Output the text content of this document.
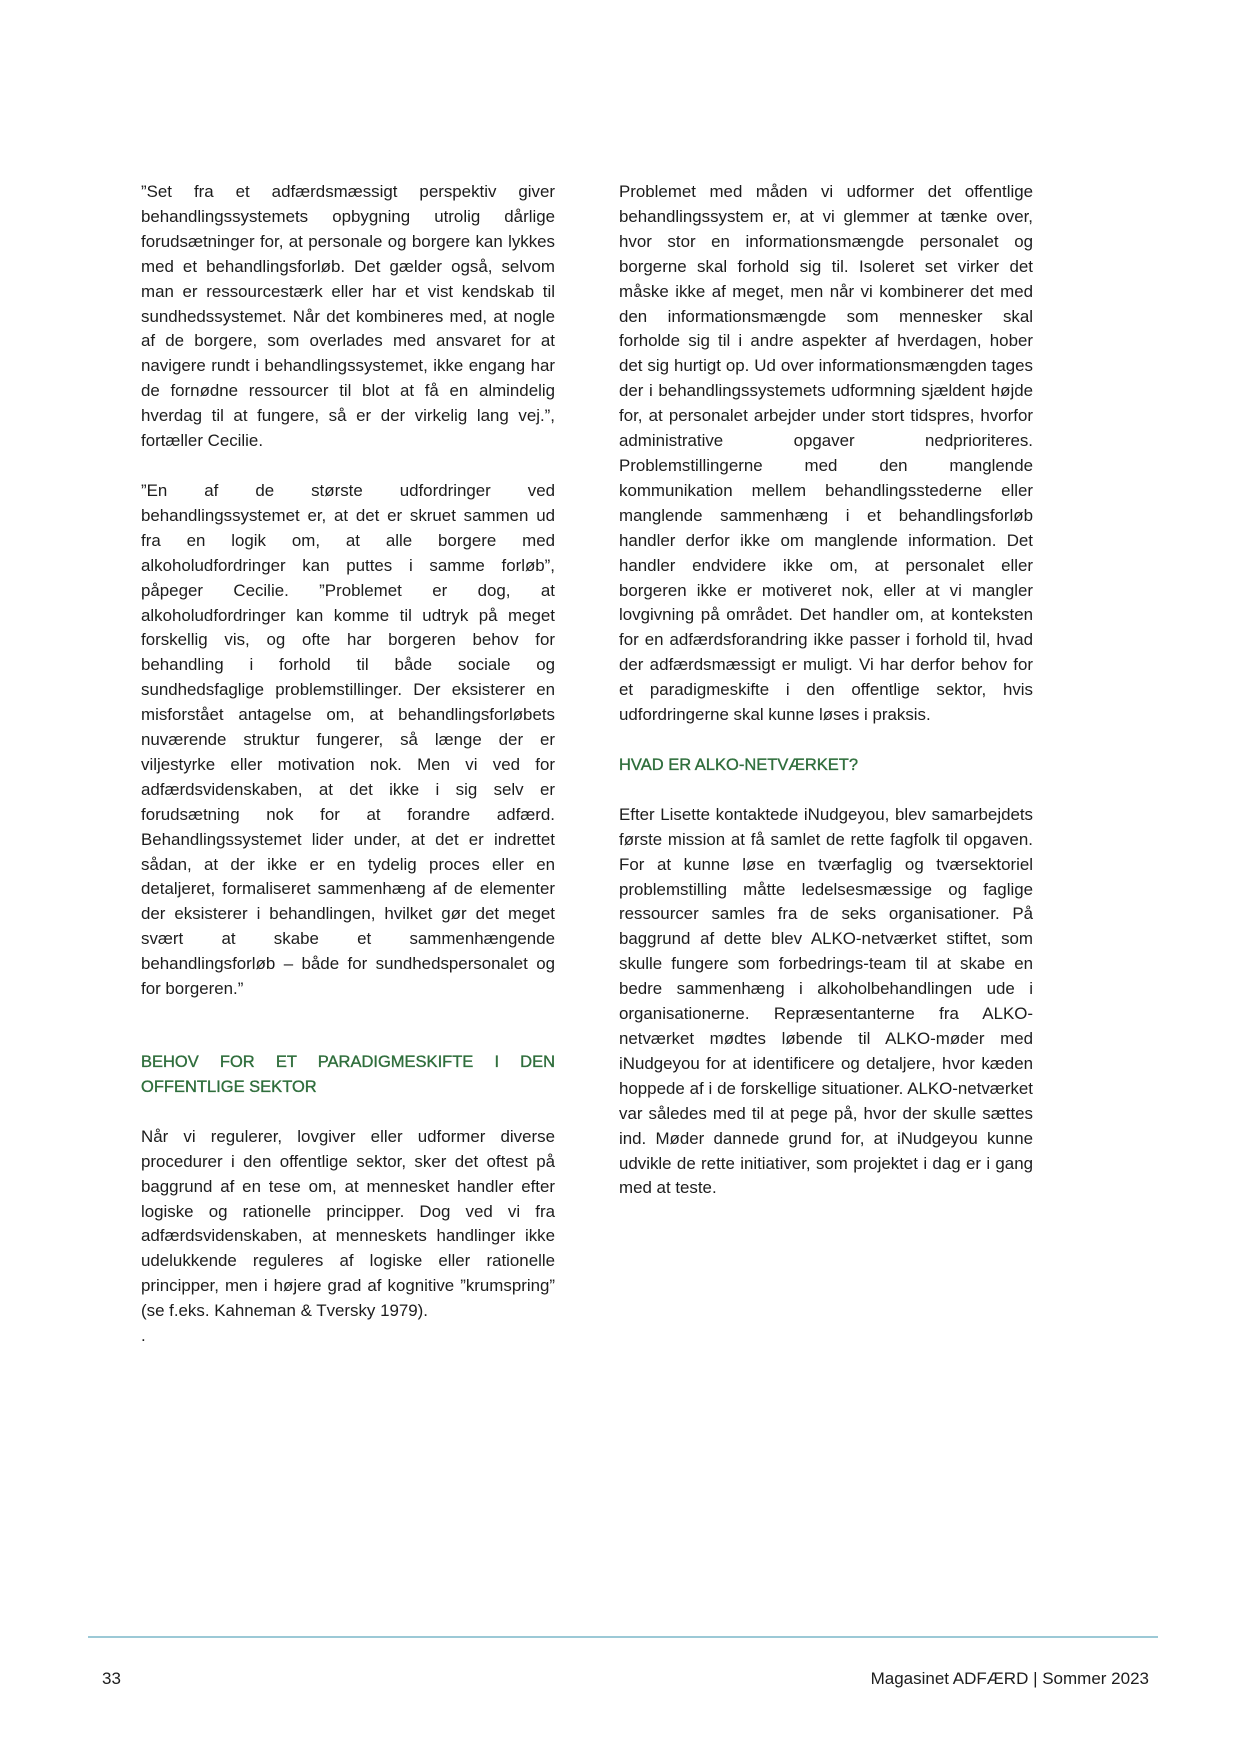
”Set fra et adfærdsmæssigt perspektiv giver behandlingssystemets opbygning utrolig dårlige forudsætninger for, at personale og borgere kan lykkes med et behandlingsforløb. Det gælder også, selvom man er ressourcestærk eller har et vist kendskab til sundhedssystemet. Når det kombineres med, at nogle af de borgere, som overlades med ansvaret for at navigere rundt i behandlingssystemet, ikke engang har de fornødne ressourcer til blot at få en almindelig hverdag til at fungere, så er der virkelig lang vej.”, fortæller Cecilie.

”En af de største udfordringer ved behandlingssystemet er, at det er skruet sammen ud fra en logik om, at alle borgere med alkoholudfordringer kan puttes i samme forløb”, påpeger Cecilie. ”Problemet er dog, at alkoholudfordringer kan komme til udtryk på meget forskellig vis, og ofte har borgeren behov for behandling i forhold til både sociale og sundhedsfaglige problemstillinger. Der eksisterer en misforstået antagelse om, at behandlingsforløbets nuværende struktur fungerer, så længe der er viljestyrke eller motivation nok. Men vi ved for adfærdsvidenskaben, at det ikke i sig selv er forudsætning nok for at forandre adfærd. Behandlingssystemet lider under, at det er indrettet sådan, at der ikke er en tydelig proces eller en detaljeret, formaliseret sammenhæng af de elementer der eksisterer i behandlingen, hvilket gør det meget svært at skabe et sammenhængende behandlingsforløb – både for sundhedspersonalet og for borgeren.”

BEHOV FOR ET PARADIGMESKIFTE I DEN OFFENTLIGE SEKTOR

Når vi regulerer, lovgiver eller udformer diverse procedurer i den offentlige sektor, sker det oftest på baggrund af en tese om, at mennesket handler efter logiske og rationelle principper. Dog ved vi fra adfærdsvidenskaben, at menneskets handlinger ikke udelukkende reguleres af logiske eller rationelle principper, men i højere grad af kognitive ”krumspring” (se f.eks. Kahneman & Tversky 1979).

.

Problemet med måden vi udformer det offentlige behandlingssystem er, at vi glemmer at tænke over, hvor stor en informationsmængde personalet og borgerne skal forhold sig til. Isoleret set virker det måske ikke af meget, men når vi kombinerer det med den informationsmængde som mennesker skal forholde sig til i andre aspekter af hverdagen, hober det sig hurtigt op. Ud over informationsmængden tages der i behandlingssystemets udformning sjældent højde for, at personalet arbejder under stort tidspres, hvorfor administrative opgaver nedprioriteres. Problemstillingerne med den manglende kommunikation mellem behandlingsstederne eller manglende sammenhæng i et behandlingsforløb handler derfor ikke om manglende information. Det handler endvidere ikke om, at personalet eller borgeren ikke er motiveret nok, eller at vi mangler lovgivning på området. Det handler om, at konteksten for en adfærdsforandring ikke passer i forhold til, hvad der adfærdsmæssigt er muligt. Vi har derfor behov for et paradigmeskifte i den offentlige sektor, hvis udfordringerne skal kunne løses i praksis.

HVAD ER ALKO-NETVÆRKET?

Efter Lisette kontaktede iNudgeyou, blev samarbejdets første mission at få samlet de rette fagfolk til opgaven. For at kunne løse en tværfaglig og tværsektoriel problemstilling måtte ledelsesmæssige og faglige ressourcer samles fra de seks organisationer. På baggrund af dette blev ALKO-netværket stiftet, som skulle fungere som forbedrings-team til at skabe en bedre sammenhæng i alkoholbehandlingen ude i organisationerne. Repræsentanterne fra ALKO-netværket mødtes løbende til ALKO-møder med iNudgeyou for at identificere og detaljere, hvor kæden hoppede af i de forskellige situationer. ALKO-netværket var således med til at pege på, hvor der skulle sættes ind. Møder dannede grund for, at iNudgeyou kunne udvikle de rette initiativer, som projektet i dag er i gang med at teste.

33	Magasinet ADFÆRD | Sommer 2023
